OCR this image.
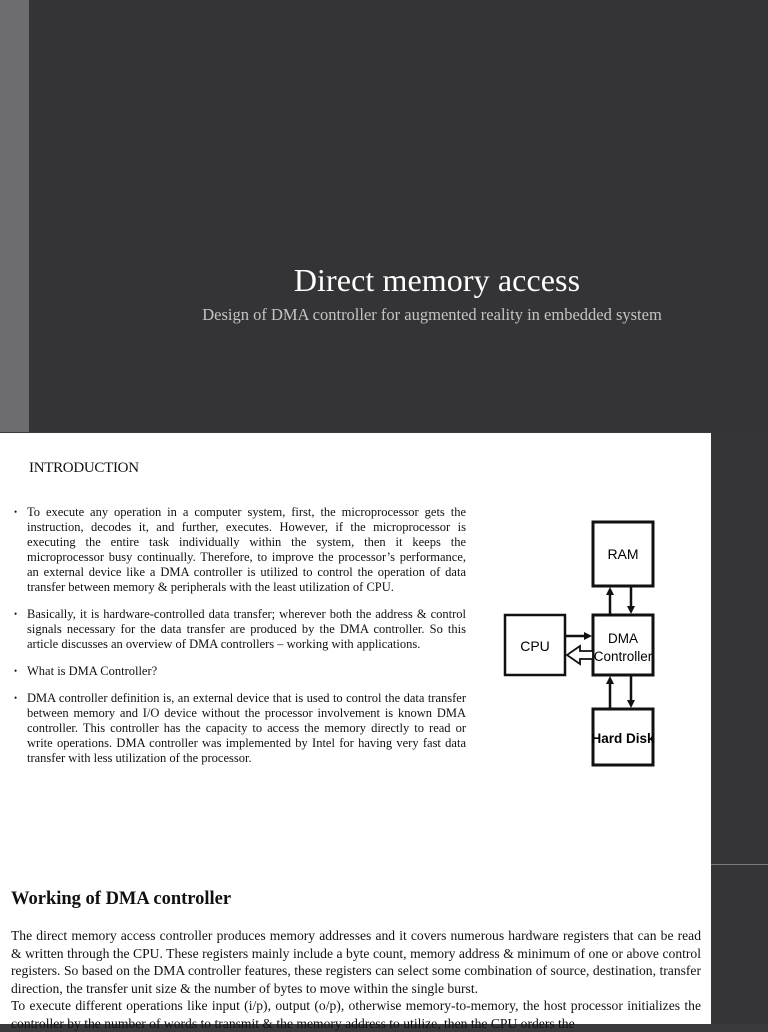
Direct memory access
Design of DMA controller for augmented reality in embedded system
INTRODUCTION
• To execute any operation in a computer system, first, the microprocessor gets the instruction, decodes it, and further, executes. However, if the microprocessor is executing the entire task individually within the system, then it keeps the microprocessor busy continually. Therefore, to improve the processor’s performance, an external device like a DMA controller is utilized to control the operation of data transfer between memory & peripherals with the least utilization of CPU.
• Basically, it is hardware-controlled data transfer; wherever both the address & control signals necessary for the data transfer are produced by the DMA controller. So this article discusses an overview of DMA controllers – working with applications.
• What is DMA Controller?
• DMA controller definition is, an external device that is used to control the data transfer between memory and I/O device without the processor involvement is known DMA controller. This controller has the capacity to access the memory directly to read or write operations. DMA controller was implemented by Intel for having very fast data transfer with less utilization of the processor.
RAM
DMA
Controller
CPU
Hard Disk
Working of DMA controller

The direct memory access controller produces memory addresses and it covers numerous hardware registers that can be read & written through the CPU. These registers mainly include a byte count, memory address & minimum of one or above control registers. So based on the DMA controller features, these registers can select some combination of source, destination, transfer direction, the transfer unit size & the number of bytes to move within the single burst.

To execute different operations like input (i/p), output (o/p), otherwise memory-to-memory, the host processor initializes the controller by the number of words to transmit & the memory address to utilize, then the CPU orders the
